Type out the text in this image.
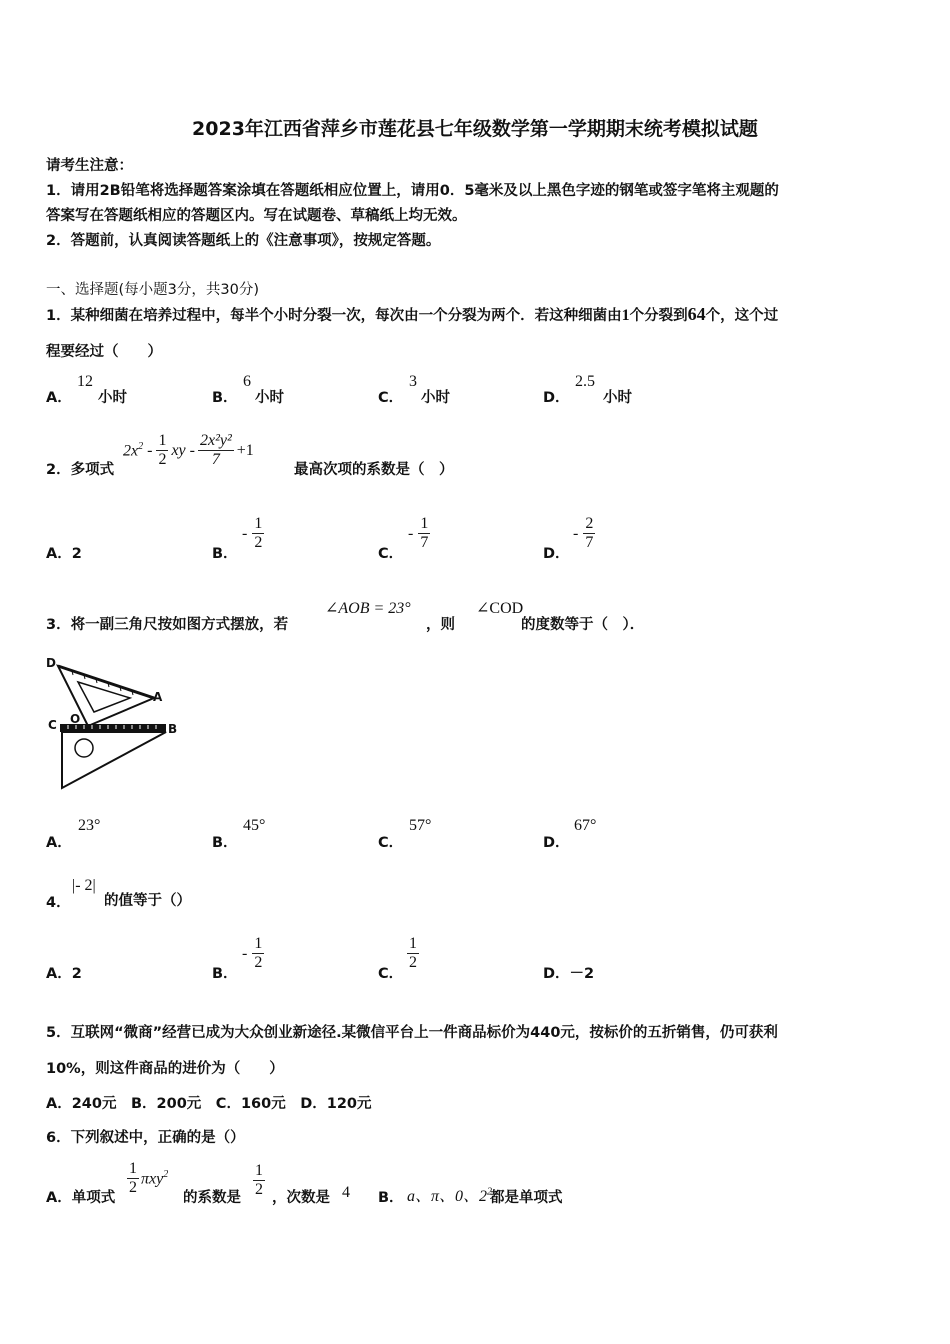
2023年江西省萍乡市莲花县七年级数学第一学期期末统考模拟试题
请考生注意：
1．请用2B铅笔将选择题答案涂填在答题纸相应位置上，请用0．5毫米及以上黑色字迹的钢笔或签字笔将主观题的
答案写在答题纸相应的答题区内。写在试题卷、草稿纸上均无效。
2．答题前，认真阅读答题纸上的《注意事项》，按规定答题。
一、选择题(每小题3分，共30分)
1．某种细菌在培养过程中，每半个小时分裂一次，每次由一个分裂为两个．若这种细菌由1个分裂到64个，这个过
程要经过（　　）
A．
12
小时	B．
6
小时	C．
3
小时	D．
2.5
小时
2．多项式
$2x^2 - \frac{1}{2}$ xy - $\frac{\text{2x²y²}}{7} +1$
最高次项的系数是（　）
A．2	B．
- $\frac{1}{2}$
C．
- $\frac{1}{7}$
D．
- $\frac{2}{7}$
3．将一副三角尺按如图方式摆放，若
∠AOB = 23°
，则
∠COD
的度数等于（　）．
D
A
C O
B
A．
23°
B．
45°
C．
57°
D．
67°
4．
|- 2|
的值等于（）
A．2	B．
- $\frac{1}{2}$
C．
$\frac{1}{2}$
D．－2
5．互联网“微商”经营已成为大众创业新途径.某微信平台上一件商品标价为440元，按标价的五折销售，仍可获利
10%，则这件商品的进价为（　　）
A．240元　B．200元　C．160元　D．120元
6．下列叙述中，正确的是（）
A．单项式
$\frac{1}{2} \pi xy^2$
的系数是 $\frac{1}{2}$ ，次数是 4 B． a、π、0、$2^2$
都是单项式
